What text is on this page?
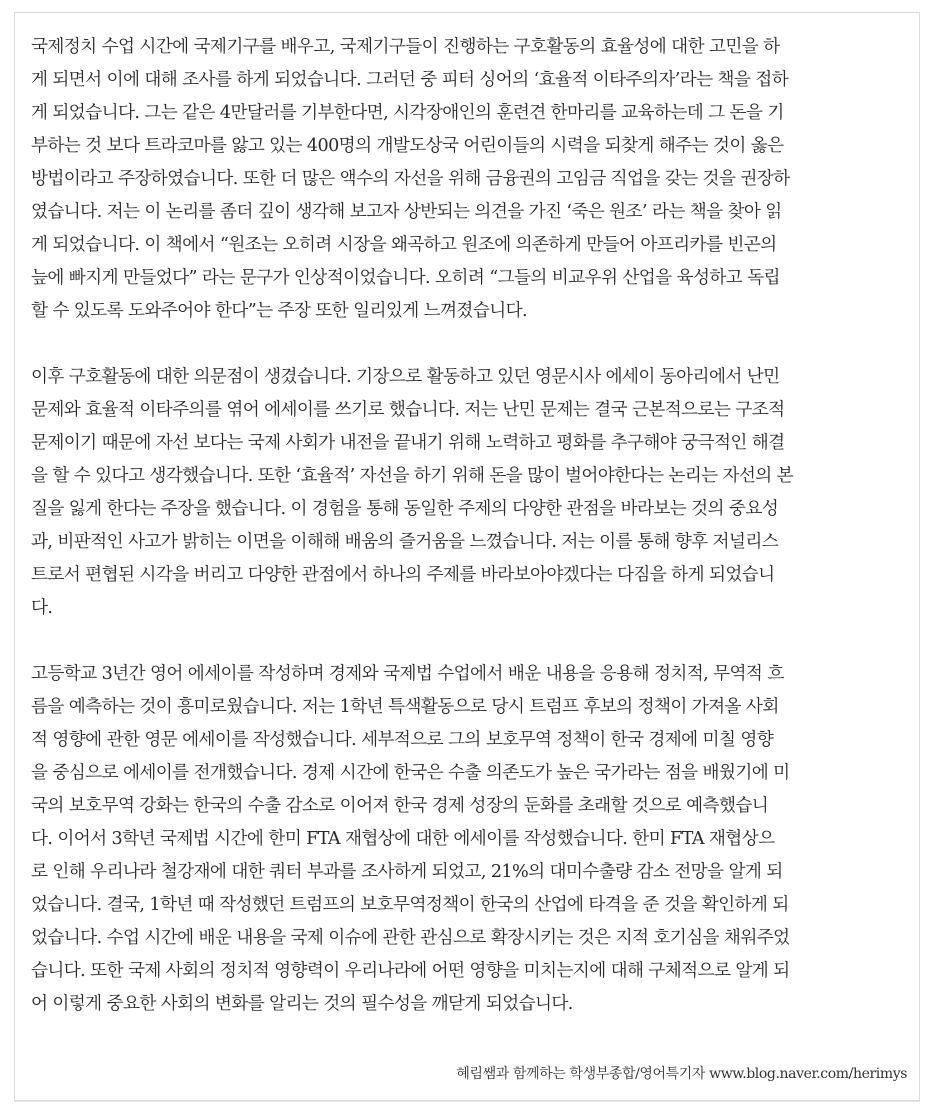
국제정치 수업 시간에 국제기구를 배우고, 국제기구들이 진행하는 구호활동의 효율성에 대한 고민을 하
게 되면서 이에 대해 조사를 하게 되었습니다. 그러던 중 피터 싱어의 ‘효율적 이타주의자’라는 책을 접하
게 되었습니다. 그는 같은 4만달러를 기부한다면, 시각장애인의 훈련견 한마리를 교육하는데 그 돈을 기
부하는 것 보다 트라코마를 앓고 있는 400명의 개발도상국 어린이들의 시력을 되찾게 해주는 것이 옳은
방법이라고 주장하였습니다. 또한 더 많은 액수의 자선을 위해 금융권의 고임금 직업을 갖는 것을 권장하
였습니다. 저는 이 논리를 좀더 깊이 생각해 보고자 상반되는 의견을 가진 ‘죽은 원조’ 라는 책을 찾아 읽
게 되었습니다. 이 책에서 “원조는 오히려 시장을 왜곡하고 원조에 의존하게 만들어 아프리카를 빈곤의
늪에 빠지게 만들었다” 라는 문구가 인상적이었습니다. 오히려 “그들의 비교우위 산업을 육성하고 독립
할 수 있도록 도와주어야 한다”는 주장 또한 일리있게 느껴졌습니다.

이후 구호활동에 대한 의문점이 생겼습니다. 기장으로 활동하고 있던 영문시사 에세이 동아리에서 난민
문제와 효율적 이타주의를 엮어 에세이를 쓰기로 했습니다. 저는 난민 문제는 결국 근본적으로는 구조적
문제이기 때문에 자선 보다는 국제 사회가 내전을 끝내기 위해 노력하고 평화를 추구해야 궁극적인 해결
을 할 수 있다고 생각했습니다. 또한 ‘효율적’ 자선을 하기 위해 돈을 많이 벌어야한다는 논리는 자선의 본
질을 잃게 한다는 주장을 했습니다. 이 경험을 통해 동일한 주제의 다양한 관점을 바라보는 것의 중요성
과, 비판적인 사고가 밝히는 이면을 이해해 배움의 즐거움을 느꼈습니다. 저는 이를 통해 향후 저널리스
트로서 편협된 시각을 버리고 다양한 관점에서 하나의 주제를 바라보아야겠다는 다짐을 하게 되었습니
다.

고등학교 3년간 영어 에세이를 작성하며 경제와 국제법 수업에서 배운 내용을 응용해 정치적, 무역적 흐
름을 예측하는 것이 흥미로웠습니다. 저는 1학년 특색활동으로 당시 트럼프 후보의 정책이 가져올 사회
적 영향에 관한 영문 에세이를 작성했습니다. 세부적으로 그의 보호무역 정책이 한국 경제에 미칠 영향
을 중심으로 에세이를 전개했습니다. 경제 시간에 한국은 수출 의존도가 높은 국가라는 점을 배웠기에 미
국의 보호무역 강화는 한국의 수출 감소로 이어져 한국 경제 성장의 둔화를 초래할 것으로 예측했습니
다. 이어서 3학년 국제법 시간에 한미 FTA 재협상에 대한 에세이를 작성했습니다. 한미 FTA 재협상으
로 인해 우리나라 철강재에 대한 쿼터 부과를 조사하게 되었고, 21%의 대미수출량 감소 전망을 알게 되
었습니다. 결국, 1학년 때 작성했던 트럼프의 보호무역정책이 한국의 산업에 타격을 준 것을 확인하게 되
었습니다. 수업 시간에 배운 내용을 국제 이슈에 관한 관심으로 확장시키는 것은 지적 호기심을 채워주었
습니다. 또한 국제 사회의 정치적 영향력이 우리나라에 어떤 영향을 미치는지에 대해 구체적으로 알게 되
어 이렇게 중요한 사회의 변화를 알리는 것의 필수성을 깨닫게 되었습니다.

혜림쌤과 함께하는 학생부종합/영어특기자 www.blog.naver.com/herimys
